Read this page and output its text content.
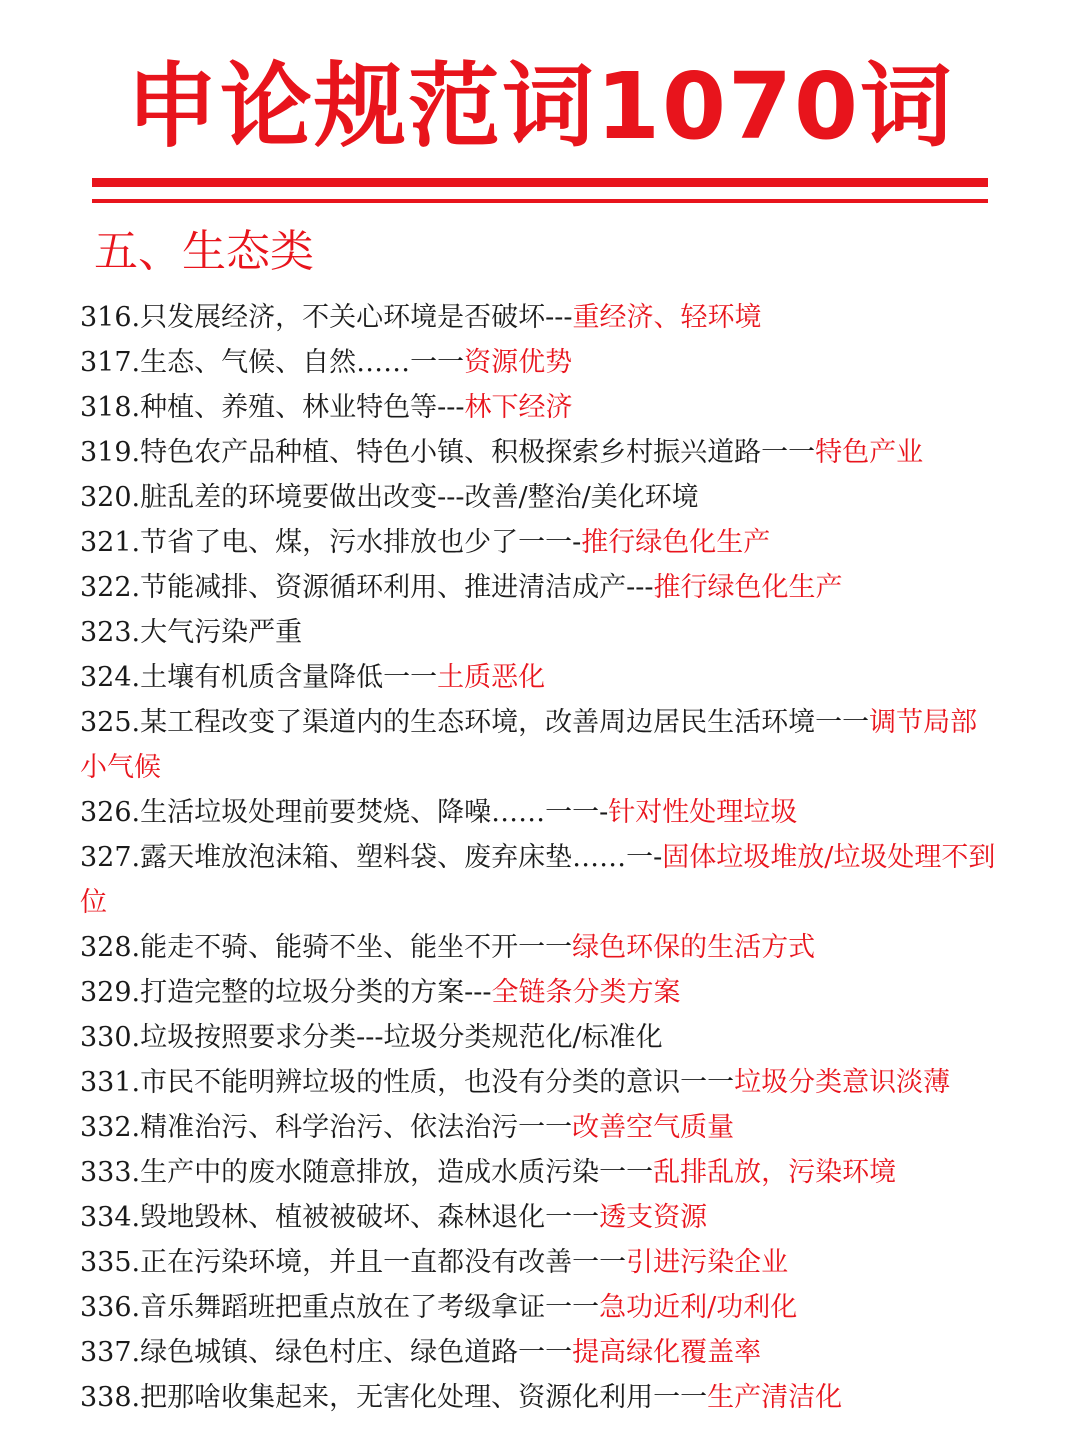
申论规范词1070词
五、生态类
316.只发展经济，不关心环境是否破坏---重经济、轻环境
317.生态、气候、自然……一一资源优势
318.种植、养殖、林业特色等---林下经济
319.特色农产品种植、特色小镇、积极探索乡村振兴道路一一特色产业
320.脏乱差的环境要做出改变---改善/整治/美化环境
321.节省了电、煤，污水排放也少了一一-推行绿色化生产
322.节能减排、资源循环利用、推进清洁成产---推行绿色化生产
323.大气污染严重
324.土壤有机质含量降低一一土质恶化
325.某工程改变了渠道内的生态环境，改善周边居民生活环境一一调节局部小气候
326.生活垃圾处理前要焚烧、降噪……一一-针对性处理垃圾
327.露天堆放泡沫箱、塑料袋、废弃床垫……一-固体垃圾堆放/垃圾处理不到位
328.能走不骑、能骑不坐、能坐不开一一绿色环保的生活方式
329.打造完整的垃圾分类的方案---全链条分类方案
330.垃圾按照要求分类---垃圾分类规范化/标准化
331.市民不能明辨垃圾的性质，也没有分类的意识一一垃圾分类意识淡薄
332.精准治污、科学治污、依法治污一一改善空气质量
333.生产中的废水随意排放，造成水质污染一一乱排乱放，污染环境
334.毁地毁林、植被被破坏、森林退化一一透支资源
335.正在污染环境，并且一直都没有改善一一引进污染企业
336.音乐舞蹈班把重点放在了考级拿证一一急功近利/功利化
337.绿色城镇、绿色村庄、绿色道路一一提高绿化覆盖率
338.把那啥收集起来，无害化处理、资源化利用一一生产清洁化
